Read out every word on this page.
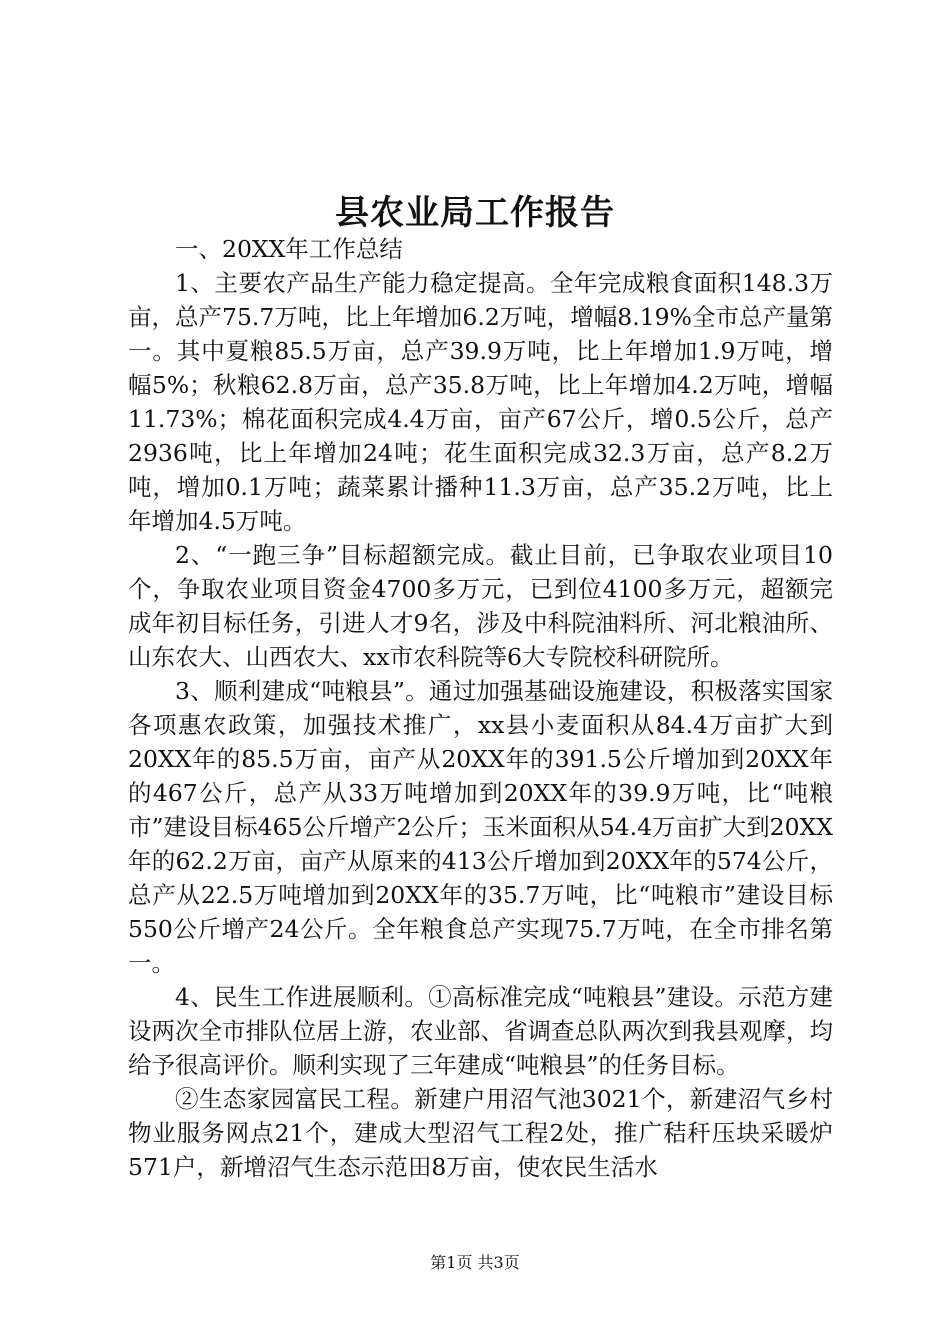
县农业局工作报告

一、20XX年工作总结

1、主要农产品生产能力稳定提高。全年完成粮食面积148.3万亩，总产75.7万吨，比上年增加6.2万吨，增幅8.19%全市总产量第一。其中夏粮85.5万亩，总产39.9万吨，比上年增加1.9万吨，增幅5%；秋粮62.8万亩，总产35.8万吨，比上年增加4.2万吨，增幅11.73%；棉花面积完成4.4万亩，亩产67公斤，增0.5公斤，总产2936吨，比上年增加24吨；花生面积完成32.3万亩，总产8.2万吨，增加0.1万吨；蔬菜累计播种11.3万亩，总产35.2万吨，比上年增加4.5万吨。

2、“一跑三争”目标超额完成。截止目前，已争取农业项目10个，争取农业项目资金4700多万元，已到位4100多万元，超额完成年初目标任务，引进人才9名，涉及中科院油料所、河北粮油所、山东农大、山西农大、xx市农科院等6大专院校科研院所。

3、顺利建成“吨粮县”。通过加强基础设施建设，积极落实国家各项惠农政策，加强技术推广，xx县小麦面积从84.4万亩扩大到20XX年的85.5万亩，亩产从20XX年的391.5公斤增加到20XX年的467公斤，总产从33万吨增加到20XX年的39.9万吨，比“吨粮市”建设目标465公斤增产2公斤；玉米面积从54.4万亩扩大到20XX年的62.2万亩，亩产从原来的413公斤增加到20XX年的574公斤，总产从22.5万吨增加到20XX年的35.7万吨，比“吨粮市”建设目标550公斤增产24公斤。全年粮食总产实现75.7万吨，在全市排名第一。

4、民生工作进展顺利。①高标准完成“吨粮县”建设。示范方建设两次全市排队位居上游，农业部、省调查总队两次到我县观摩，均给予很高评价。顺利实现了三年建成“吨粮县”的任务目标。

②生态家园富民工程。新建户用沼气池3021个，新建沼气乡村物业服务网点21个，建成大型沼气工程2处，推广秸秆压块采暖炉571户，新增沼气生态示范田8万亩，使农民生活水

第1页 共3页
